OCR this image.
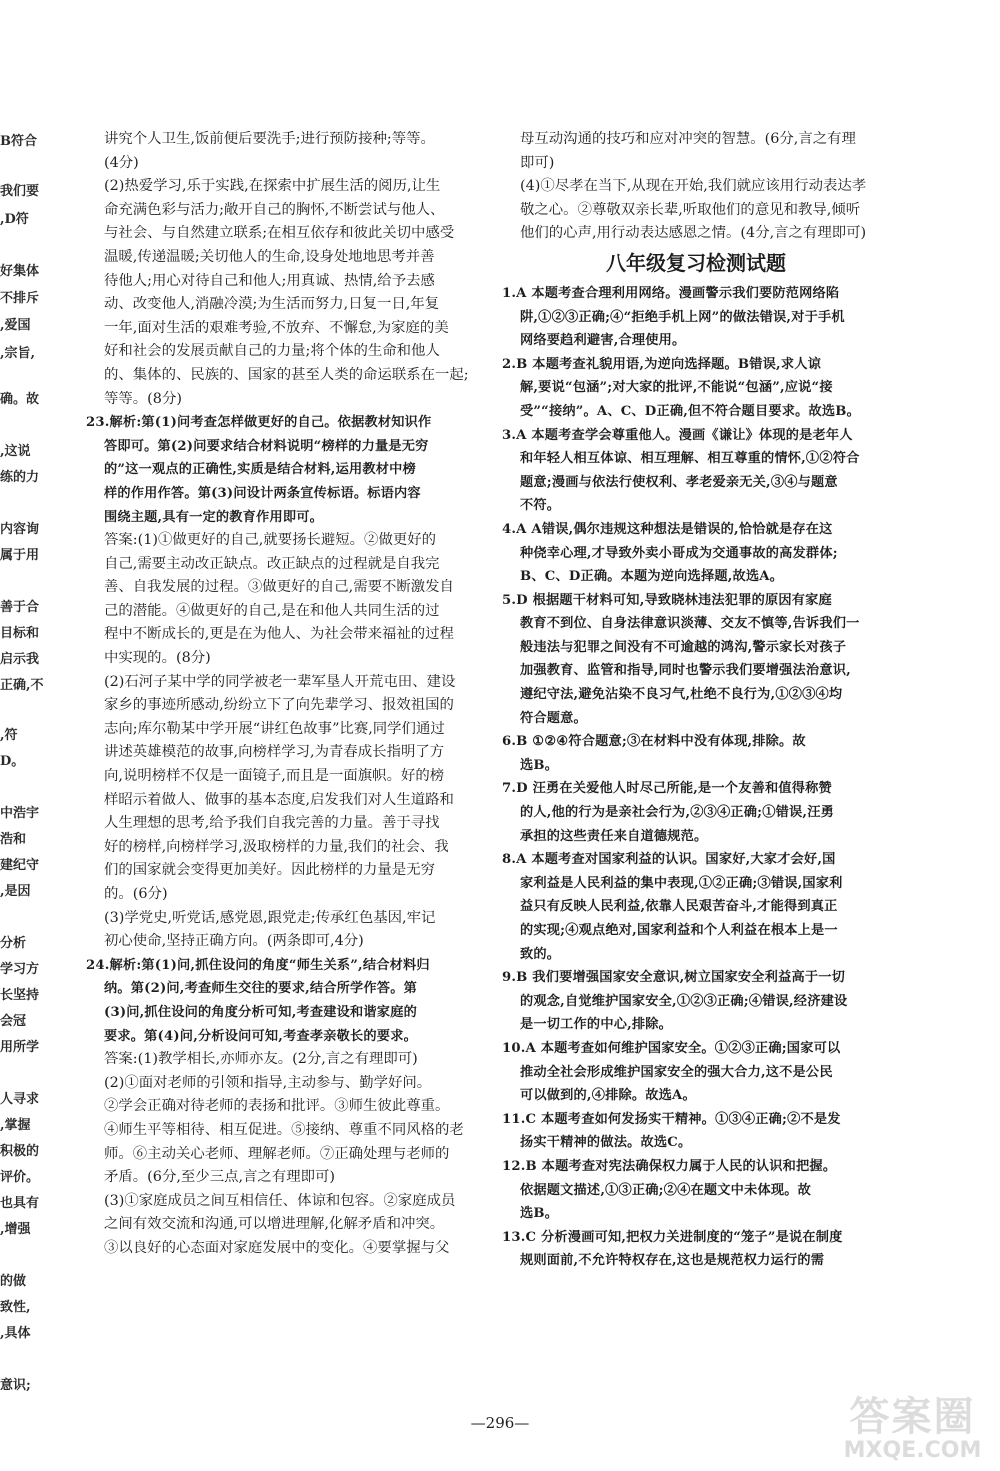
B符合
我们要
,D符
好集体
不排斥
,爱国
,宗旨,
确。故
,这说
练的力
内容询
属于用
善于合
目标和
启示我
正确,不
,符
D。
中浩宇
浩和
建纪守
,是因
分析
学习方
长坚持
会冠
用所学
人寻求
,掌握
积极的
评价。
也具有
,增强
的做
致性,
,具体
意识;
讲究个人卫生,饭前便后要洗手;进行预防接种;等等。
(4分)
(2)热爱学习,乐于实践,在探索中扩展生活的阅历,让生
命充满色彩与活力;敞开自己的胸怀,不断尝试与他人、
与社会、与自然建立联系;在相互依存和彼此关切中感受
温暖,传递温暖;关切他人的生命,设身处地地思考并善
待他人;用心对待自己和他人;用真诚、热情,给予去感
动、改变他人,消融冷漠;为生活而努力,日复一日,年复
一年,面对生活的艰难考验,不放弃、不懈怠,为家庭的美
好和社会的发展贡献自己的力量;将个体的生命和他人
的、集体的、民族的、国家的甚至人类的命运联系在一起;
等等。(8分)
23.解析:第(1)问考查怎样做更好的自己。依据教材知识作
答即可。第(2)问要求结合材料说明“榜样的力量是无穷
的”这一观点的正确性,实质是结合材料,运用教材中榜
样的作用作答。第(3)问设计两条宣传标语。标语内容
围绕主题,具有一定的教育作用即可。
答案:(1)①做更好的自己,就要扬长避短。②做更好的
自己,需要主动改正缺点。改正缺点的过程就是自我完
善、自我发展的过程。③做更好的自己,需要不断激发自
己的潜能。④做更好的自己,是在和他人共同生活的过
程中不断成长的,更是在为他人、为社会带来福祉的过程
中实现的。(8分)
(2)石河子某中学的同学被老一辈军垦人开荒屯田、建设
家乡的事迹所感动,纷纷立下了向先辈学习、报效祖国的
志向;库尔勒某中学开展“讲红色故事”比赛,同学们通过
讲述英雄模范的故事,向榜样学习,为青春成长指明了方
向,说明榜样不仅是一面镜子,而且是一面旗帜。好的榜
样昭示着做人、做事的基本态度,启发我们对人生道路和
人生理想的思考,给予我们自我完善的力量。善于寻找
好的榜样,向榜样学习,汲取榜样的力量,我们的社会、我
们的国家就会变得更加美好。因此榜样的力量是无穷
的。(6分)
(3)学党史,听党话,感党恩,跟党走;传承红色基因,牢记
初心使命,坚持正确方向。(两条即可,4分)
24.解析:第(1)问,抓住设问的角度“师生关系”,结合材料归
纳。第(2)问,考查师生交往的要求,结合所学作答。第
(3)问,抓住设问的角度分析可知,考查建设和谐家庭的
要求。第(4)问,分析设问可知,考查孝亲敬长的要求。
答案:(1)教学相长,亦师亦友。(2分,言之有理即可)
(2)①面对老师的引领和指导,主动参与、勤学好问。
②学会正确对待老师的表扬和批评。③师生彼此尊重。
④师生平等相待、相互促进。⑤接纳、尊重不同风格的老
师。⑥主动关心老师、理解老师。⑦正确处理与老师的
矛盾。(6分,至少三点,言之有理即可)
(3)①家庭成员之间互相信任、体谅和包容。②家庭成员
之间有效交流和沟通,可以增进理解,化解矛盾和冲突。
③以良好的心态面对家庭发展中的变化。④要掌握与父
母互动沟通的技巧和应对冲突的智慧。(6分,言之有理
即可)
(4)①尽孝在当下,从现在开始,我们就应该用行动表达孝
敬之心。②尊敬双亲长辈,听取他们的意见和教导,倾听
他们的心声,用行动表达感恩之情。(4分,言之有理即可)
八年级复习检测试题
1.A 本题考查合理利用网络。漫画警示我们要防范网络陷
阱,①②③正确;④“拒绝手机上网”的做法错误,对于手机
网络要趋利避害,合理使用。
2.B 本题考查礼貌用语,为逆向选择题。B错误,求人谅
解,要说“包涵”;对大家的批评,不能说“包涵”,应说“接
受”“接纳”。A、C、D正确,但不符合题目要求。故选B。
3.A 本题考查学会尊重他人。漫画《谦让》体现的是老年人
和年轻人相互体谅、相互理解、相互尊重的情怀,①②符合
题意;漫画与依法行使权利、孝老爱亲无关,③④与题意
不符。
4.A A错误,偶尔违规这种想法是错误的,恰恰就是存在这
种侥幸心理,才导致外卖小哥成为交通事故的高发群体;
B、C、D正确。本题为逆向选择题,故选A。
5.D 根据题干材料可知,导致晓林违法犯罪的原因有家庭
教育不到位、自身法律意识淡薄、交友不慎等,告诉我们一
般违法与犯罪之间没有不可逾越的鸿沟,警示家长对孩子
加强教育、监管和指导,同时也警示我们要增强法治意识,
遵纪守法,避免沾染不良习气,杜绝不良行为,①②③④均
符合题意。
6.B ①②④符合题意;③在材料中没有体现,排除。故
选B。
7.D 汪勇在关爱他人时尽己所能,是一个友善和值得称赞
的人,他的行为是亲社会行为,②③④正确;①错误,汪勇
承担的这些责任来自道德规范。
8.A 本题考查对国家利益的认识。国家好,大家才会好,国
家利益是人民利益的集中表现,①②正确;③错误,国家利
益只有反映人民利益,依靠人民艰苦奋斗,才能得到真正
的实现;④观点绝对,国家利益和个人利益在根本上是一
致的。
9.B 我们要增强国家安全意识,树立国家安全利益高于一切
的观念,自觉维护国家安全,①②③正确;④错误,经济建设
是一切工作的中心,排除。
10.A 本题考查如何维护国家安全。①②③正确;国家可以
推动全社会形成维护国家安全的强大合力,这不是公民
可以做到的,④排除。故选A。
11.C 本题考查如何发扬实干精神。①③④正确;②不是发
扬实干精神的做法。故选C。
12.B 本题考查对宪法确保权力属于人民的认识和把握。
依据题文描述,①③正确;②④在题文中未体现。故
选B。
13.C 分析漫画可知,把权力关进制度的“笼子”是说在制度
规则面前,不允许特权存在,这也是规范权力运行的需
—296—	答案圈
MXQE.COM
